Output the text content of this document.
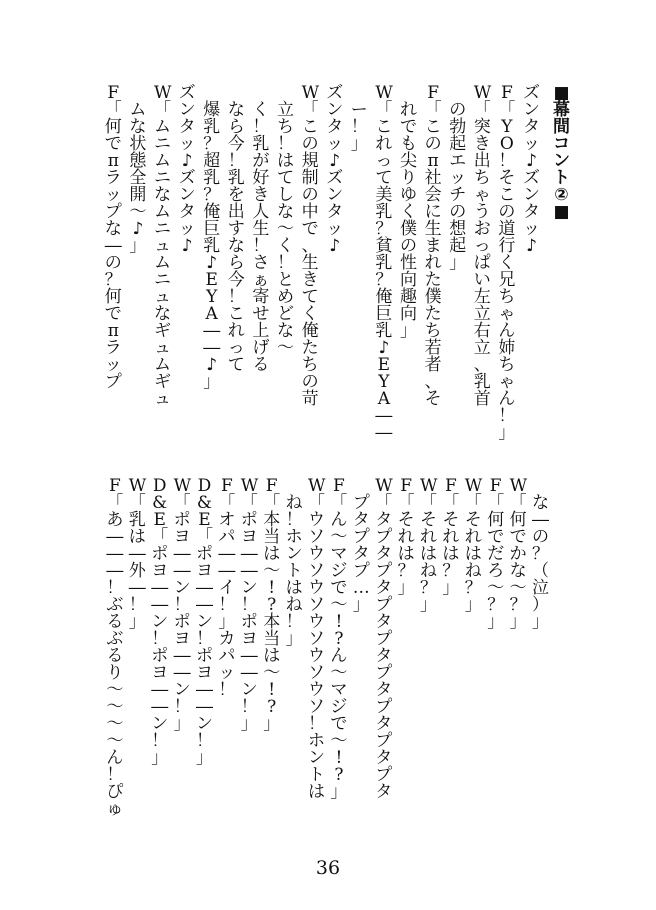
■
幕
間
コ
ン
ト
②
■
ズ
ン
タ
ッ
♪
ズ
ン
タ
ッ
♪
F
「
Y
O
！
そ
こ
の
道
行
く
兄
ち
ゃ
ん
姉
ち
ゃ
ん
！
」
W
「
突
き
出
ち
ゃ
う
お
っ
ぱ
い
左
立
右
立
、
乳
首

の
勃
起
エ
ッ
チ
の
想
起
」
F
「
こ
の
π
社
会
に
生
ま
れ
た
僕
た
ち
若
者
、
そ

れ
で
も
尖
り
ゆ
く
僕
の
性
向
趣
向
」
W
「
こ
れ
っ
て
美
乳
？
貧
乳
？
俺
巨
乳
♪
E
Y
A
―
―

ー
！
」
ズ
ン
タ
ッ
♪
ズ
ン
タ
ッ
♪
W
「
こ
の
規
制
の
中
で
、
生
き
て
く
俺
た
ち
の
苛

立
ち
！
は
て
し
な
〜
く
！
と
め
ど
な
〜

く
！
乳
が
好
き
人
生
！
さ
ぁ
寄
せ
上
げ
る

な
ら
今
！
乳
を
出
す
な
ら
今
！
こ
れ
っ
て

爆
乳
？
超
乳
？
俺
巨
乳
♪
E
Y
A
―
―
♪
」
ズ
ン
タ
ッ
♪
ズ
ン
タ
ッ
♪
W
「
ム
ニ
ム
ニ
な
ム
ニ
ュ
ム
ニ
ュ
な
ギ
ュ
ム
ギ
ュ

ム
な
状
態
全
開
〜
♪
」
F
「
何
で
π
ラ
ッ
プ
な
―
の
？
何
で
π
ラ
ッ
プ

な
―
の
？
（
泣
）
」
W
「
何
で
か
な
〜
？
」
F
「
何
で
だ
ろ
〜
？
」
W
「
そ
れ
は
ね
？
」
F
「
そ
れ
は
？
」
W
「
そ
れ
は
ね
？
」
F
「
そ
れ
は
？
」
W
「
タ
プ
タ
プ
タ
プ
タ
プ
タ
プ
タ
プ
タ
プ
タ
プ
タ

プ
タ
プ
タ
プ
…
」
F
「
ん
〜
マ
ジ
で
〜
!
?
ん
〜
マ
ジ
で
〜
!
?
」
W
「
ウ
ソ
ウ
ソ
ウ
ソ
ウ
ソ
ウ
ソ
ウ
ソ
！
ホ
ン
ト
は

ね
！
ホ
ン
ト
は
ね
！
」
F
「
本
当
は
〜
!
?
本
当
は
〜
!
?
」
W
「
ポ
ヨ
―
―
ン
！
ポ
ヨ
―
―
ン
！
」
F
「
オ
パ
―
―
イ
！
」
カ
パ
ッ
！
D
&
E
「
ポ
ヨ
―
―
ン
！
ポ
ヨ
―
―
ン
！
」
W
「
ポ
ヨ
―
―
ン
！
ポ
ヨ
―
―
ン
！
」
D
&
E
「
ポ
ヨ
―
―
ン
！
ポ
ヨ
―
―
ン
！
」
W
「
乳
は
―
外
―
！
」
F
「
あ
―
―
―
！
ぶ
る
ぶ
る
り
〜
〜
〜
〜
ん
！
ぴ
ゅ
36
